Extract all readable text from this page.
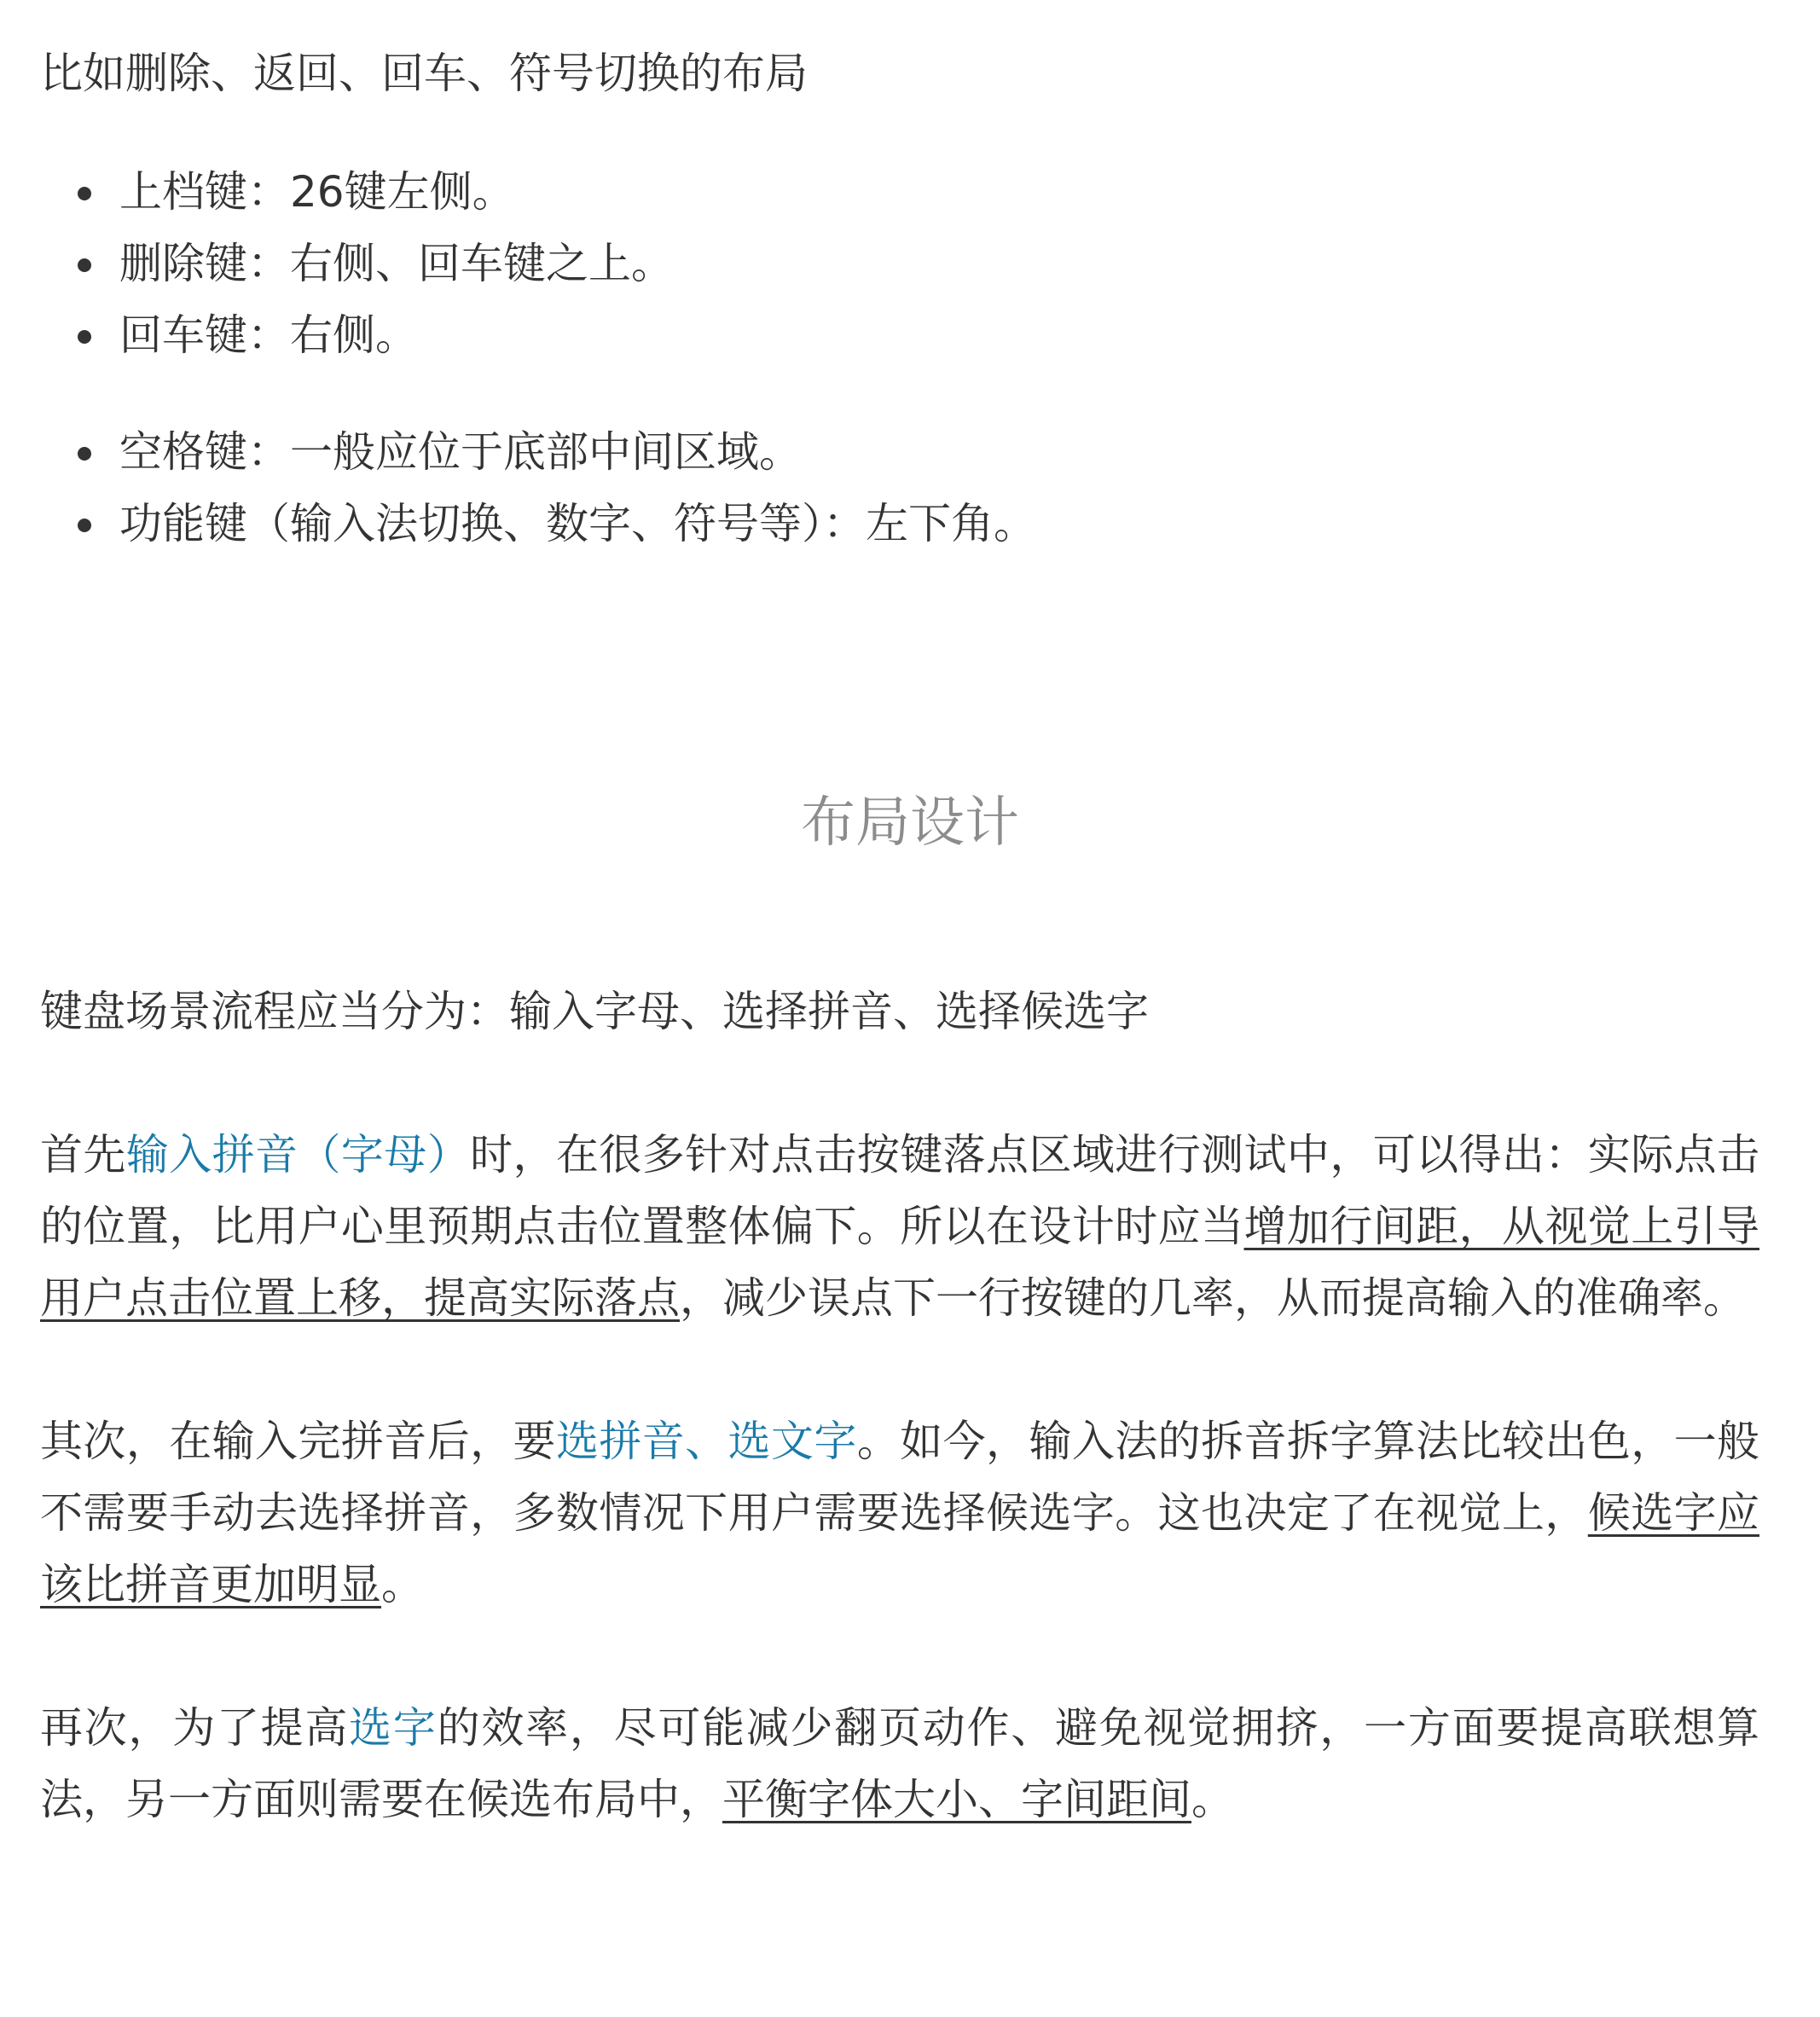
比如删除、返回、回车、符号切换的布局

上档键：26键左侧。
删除键：右侧、回车键之上。
回车键：右侧。
空格键：一般应位于底部中间区域。
功能键（输入法切换、数字、符号等）：左下角。
布局设计

键盘场景流程应当分为：输入字母、选择拼音、选择候选字

首先输入拼音（字母）时，在很多针对点击按键落点区域进行测试中，可以得出：实际点击的位置，比用户心里预期点击位置整体偏下。所以在设计时应当增加行间距，从视觉上引导用户点击位置上移，提高实际落点，减少误点下一行按键的几率，从而提高输入的准确率。

其次，在输入完拼音后，要选拼音、选文字。如今，输入法的拆音拆字算法比较出色，一般不需要手动去选择拼音，多数情况下用户需要选择候选字。这也决定了在视觉上，候选字应该比拼音更加明显。

再次，为了提高选字的效率，尽可能减少翻页动作、避免视觉拥挤，一方面要提高联想算法，另一方面则需要在候选布局中，平衡字体大小、字间距间。
